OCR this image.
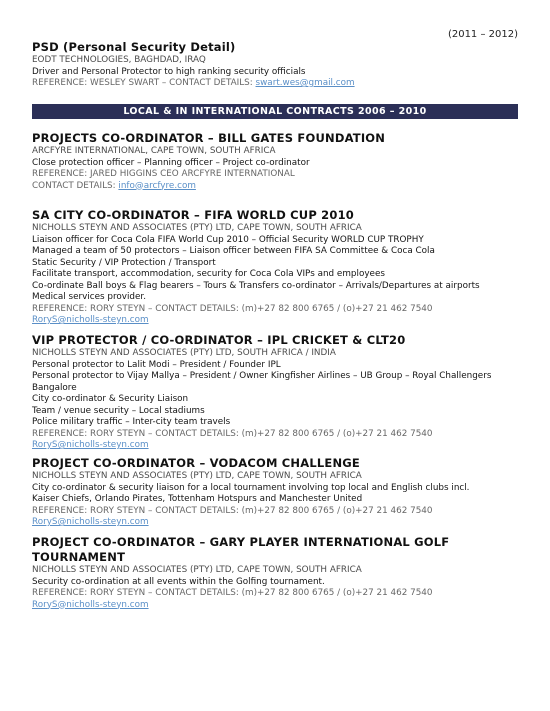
(2011 – 2012)
PSD (Personal Security Detail)
EODT TECHNOLOGIES, BAGHDAD, IRAQ
Driver and Personal Protector to high ranking security officials
REFERENCE: WESLEY SWART – CONTACT DETAILS: swart.wes@gmail.com
LOCAL & IN INTERNATIONAL CONTRACTS 2006 – 2010
PROJECTS CO-ORDINATOR – BILL GATES FOUNDATION
ARCFYRE INTERNATIONAL, CAPE TOWN, SOUTH AFRICA
Close protection officer – Planning officer – Project co-ordinator
REFERENCE: JARED HIGGINS CEO ARCFYRE INTERNATIONAL
CONTACT DETAILS: info@arcfyre.com
SA CITY CO-ORDINATOR – FIFA WORLD CUP 2010
NICHOLLS STEYN AND ASSOCIATES (PTY) LTD, CAPE TOWN, SOUTH AFRICA
Liaison officer for Coca Cola FIFA World Cup 2010 – Official Security WORLD CUP TROPHY
Managed a team of 50 protectors – Liaison officer between FIFA SA Committee & Coca Cola
Static Security / VIP Protection / Transport
Facilitate transport, accommodation, security for Coca Cola VIPs and employees
Co-ordinate Ball boys & Flag bearers – Tours & Transfers co-ordinator – Arrivals/Departures at airports
Medical services provider.
REFERENCE: RORY STEYN – CONTACT DETAILS: (m)+27 82 800 6765 / (o)+27 21 462 7540
RoryS@nicholls-steyn.com
VIP PROTECTOR / CO-ORDINATOR – IPL CRICKET & CLT20
NICHOLLS STEYN AND ASSOCIATES (PTY) LTD, SOUTH AFRICA / INDIA
Personal protector to Lalit Modi – President / Founder IPL
Personal protector to Vijay Mallya – President / Owner Kingfisher Airlines – UB Group – Royal Challengers
Bangalore
City co-ordinator & Security Liaison
Team / venue security – Local stadiums
Police military traffic – Inter-city team travels
REFERENCE: RORY STEYN – CONTACT DETAILS: (m)+27 82 800 6765 / (o)+27 21 462 7540
RoryS@nicholls-steyn.com
PROJECT CO-ORDINATOR – VODACOM CHALLENGE
NICHOLLS STEYN AND ASSOCIATES (PTY) LTD, CAPE TOWN, SOUTH AFRICA
City co-ordinator & security liaison for a local tournament involving top local and English clubs incl.
Kaiser Chiefs, Orlando Pirates, Tottenham Hotspurs and Manchester United
REFERENCE: RORY STEYN – CONTACT DETAILS: (m)+27 82 800 6765 / (o)+27 21 462 7540
RoryS@nicholls-steyn.com
PROJECT CO-ORDINATOR – GARY PLAYER INTERNATIONAL GOLF TOURNAMENT
NICHOLLS STEYN AND ASSOCIATES (PTY) LTD, CAPE TOWN, SOUTH AFRICA
Security co-ordination at all events within the Golfing tournament.
REFERENCE: RORY STEYN – CONTACT DETAILS: (m)+27 82 800 6765 / (o)+27 21 462 7540
RoryS@nicholls-steyn.com
